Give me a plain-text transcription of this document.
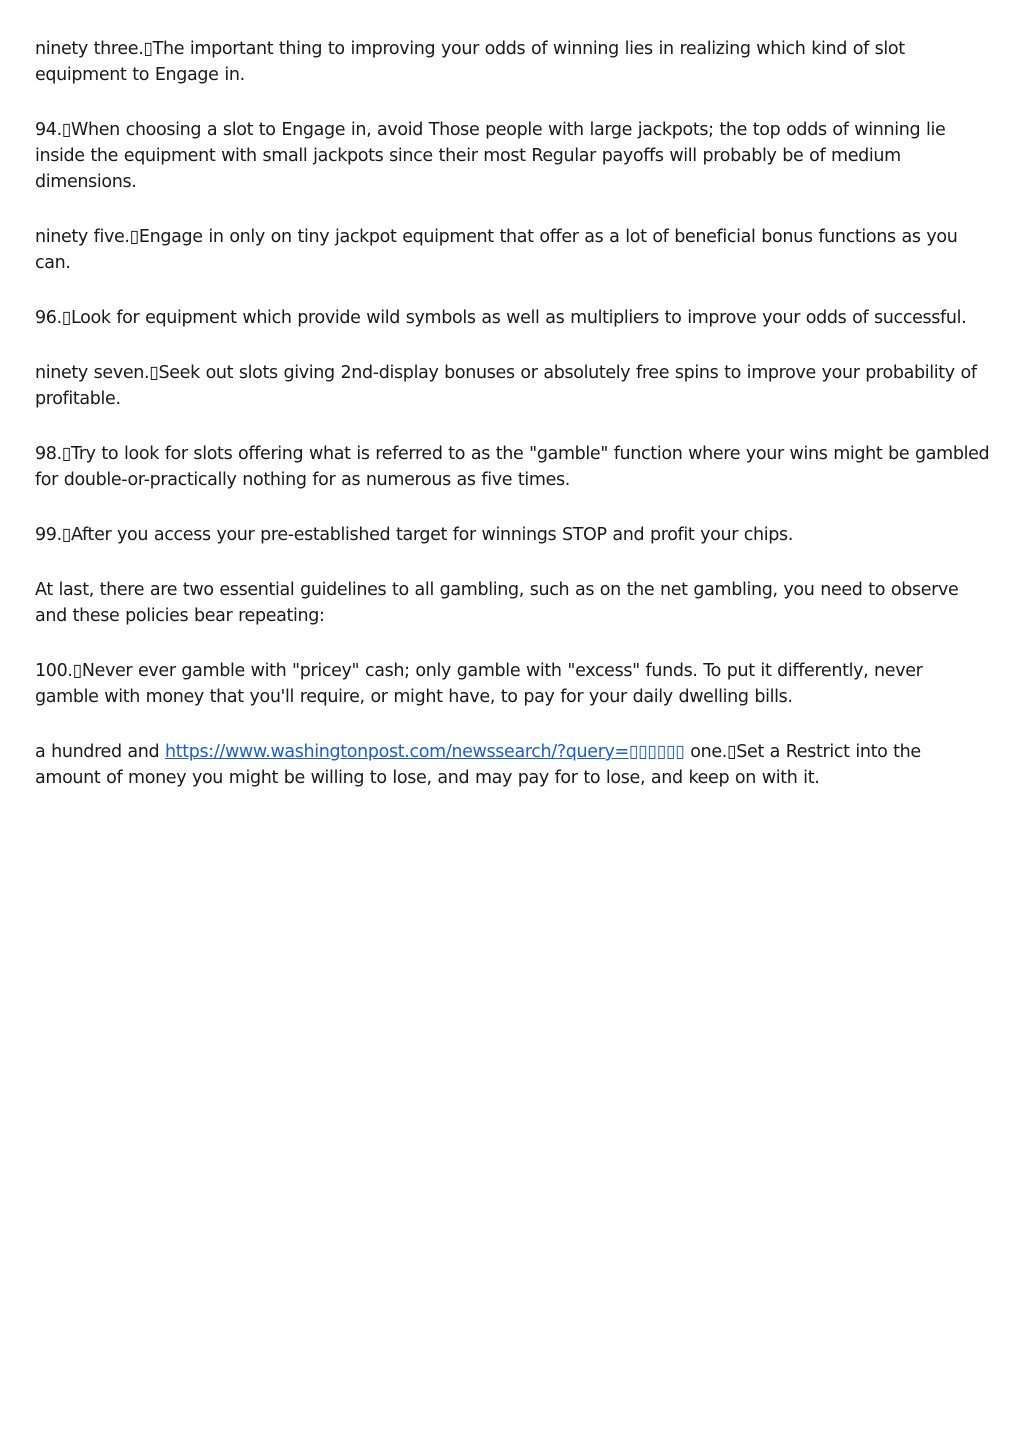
ninety three.▯The important thing to improving your odds of winning lies in realizing which kind of slot equipment to Engage in.

94.▯When choosing a slot to Engage in, avoid Those people with large jackpots; the top odds of winning lie inside the equipment with small jackpots since their most Regular payoffs will probably be of medium dimensions.

ninety five.▯Engage in only on tiny jackpot equipment that offer as a lot of beneficial bonus functions as you can.

96.▯Look for equipment which provide wild symbols as well as multipliers to improve your odds of successful.

ninety seven.▯Seek out slots giving 2nd-display bonuses or absolutely free spins to improve your probability of profitable.

98.▯Try to look for slots offering what is referred to as the "gamble" function where your wins might be gambled for double-or-practically nothing for as numerous as five times.

99.▯After you access your pre-established target for winnings STOP and profit your chips.

At last, there are two essential guidelines to all gambling, such as on the net gambling, you need to observe and these policies bear repeating:

100.▯Never ever gamble with "pricey" cash; only gamble with "excess" funds. To put it differently, never gamble with money that you'll require, or might have, to pay for your daily dwelling bills.

a hundred and https://www.washingtonpost.com/newssearch/?query=▯▯▯▯▯▯ one.▯Set a Restrict into the amount of money you might be willing to lose, and may pay for to lose, and keep on with it.
